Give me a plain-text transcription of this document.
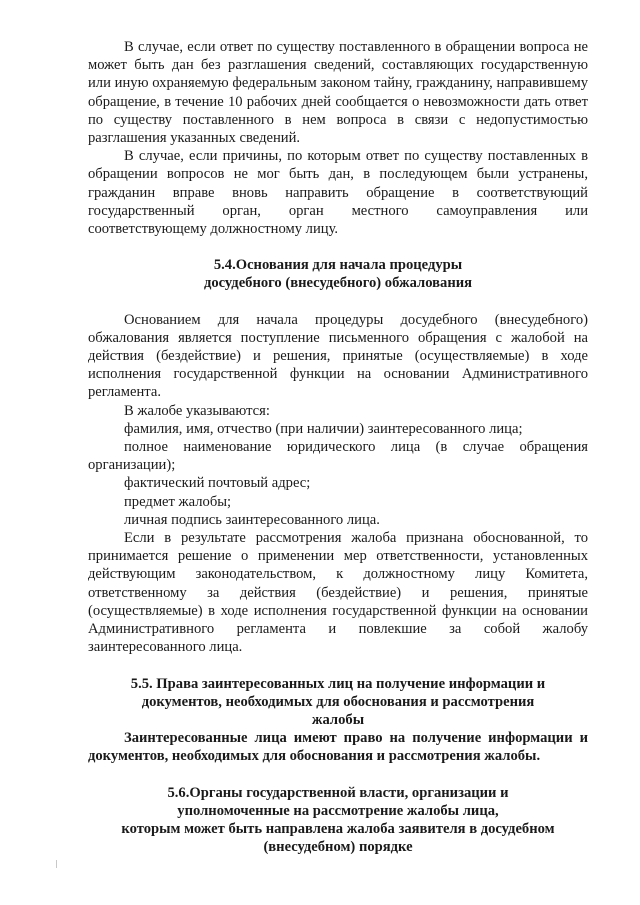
В случае, если ответ по существу поставленного в обращении вопроса не может быть дан без разглашения сведений, составляющих государственную или иную охраняемую федеральным законом тайну, гражданину, направившему обращение, в течение 10 рабочих дней сообщается о невозможности дать ответ по существу поставленного в нем вопроса в связи с недопустимостью разглашения указанных сведений.

В случае, если причины, по которым ответ по существу поставленных в обращении вопросов не мог быть дан, в последующем были устранены, гражданин вправе вновь направить обращение в соответствующий государственный орган, орган местного самоуправления или соответствующему должностному лицу.

5.4.Основания для начала процедуры
досудебного (внесудебного) обжалования

Основанием для начала процедуры досудебного (внесудебного) обжалования является поступление письменного обращения с жалобой на действия (бездействие) и решения, принятые (осуществляемые) в ходе исполнения государственной функции на основании Административного регламента.

В жалобе указываются:

фамилия, имя, отчество (при наличии) заинтересованного лица;

полное наименование юридического лица (в случае обращения организации);

фактический почтовый адрес;

предмет жалобы;

личная подпись заинтересованного лица.

Если в результате рассмотрения жалоба признана обоснованной, то принимается решение о применении мер ответственности, установленных действующим законодательством, к должностному лицу Комитета, ответственному за действия (бездействие) и решения, принятые (осуществляемые) в ходе исполнения государственной функции на основании Административного регламента и повлекшие за собой жалобу заинтересованного лица.

5.5. Права заинтересованных лиц на получение информации и
документов, необходимых для обоснования и рассмотрения
жалобы

Заинтересованные лица имеют право на получение информации и документов, необходимых для обоснования и рассмотрения жалобы.

5.6.Органы государственной власти, организации и
уполномоченные на рассмотрение жалобы лица,
которым может быть направлена жалоба заявителя в досудебном
(внесудебном) порядке
